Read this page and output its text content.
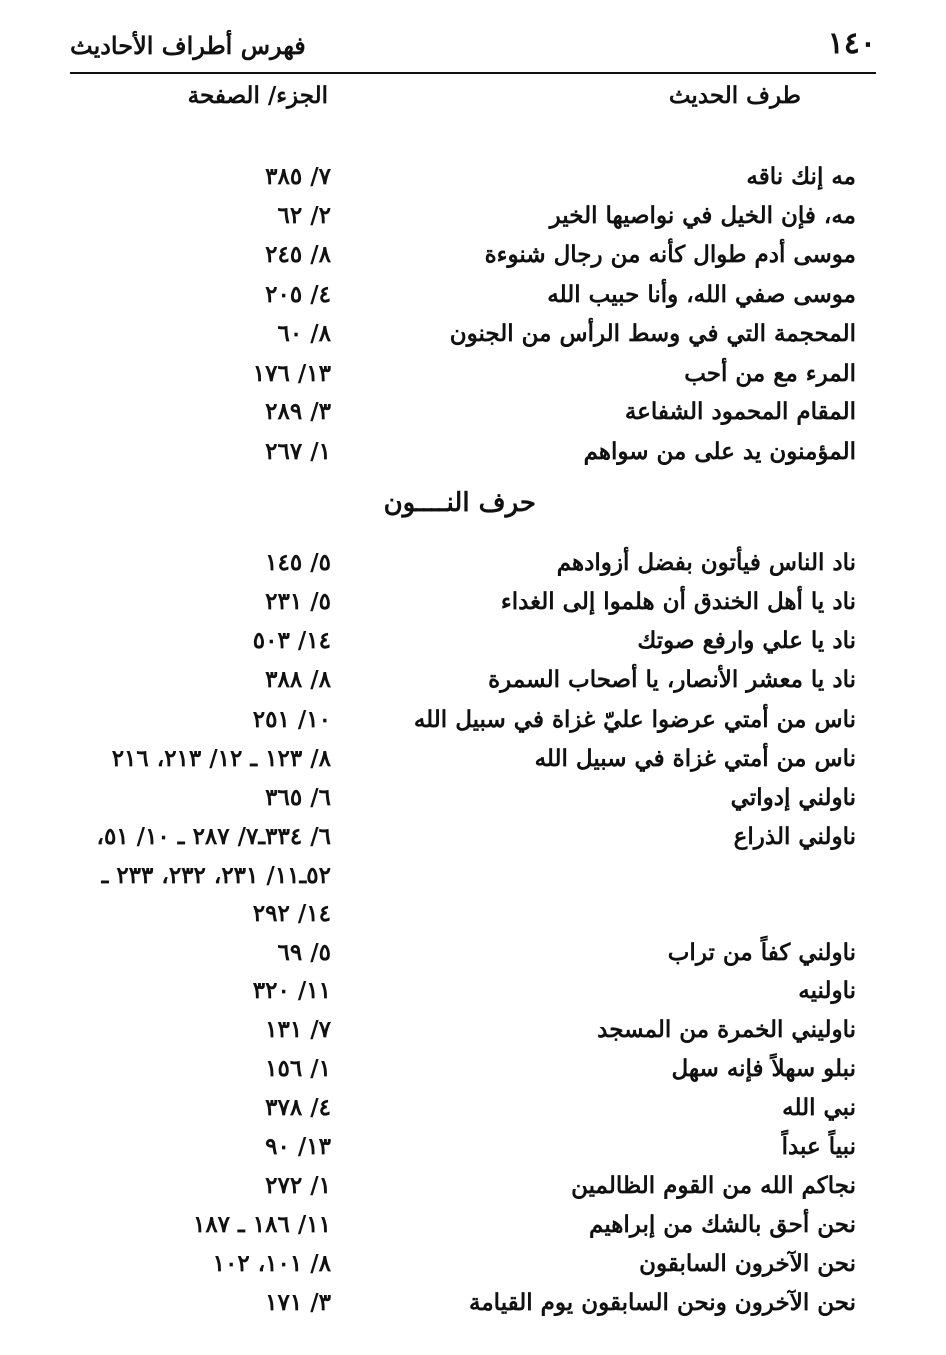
١٤٠
فهرس أطراف الأحاديث
طرف الحديث
الجزء/ الصفحة
حرف النــــون
مه إنك ناقه
٧/ ٣٨٥
مه، فإن الخيل في نواصيها الخير
٢/ ٦٢
موسى أدم طوال كأنه من رجال شنوءة
٨/ ٢٤٥
موسى صفي الله، وأنا حبيب الله
٤/ ٢٠٥
المحجمة التي في وسط الرأس من الجنون
٨/ ٦٠
المرء مع من أحب
١٣/ ١٧٦
المقام المحمود الشفاعة
٣/ ٢٨٩
المؤمنون يد على من سواهم
١/ ٢٦٧
ناد الناس فيأتون بفضل أزوادهم
٥/ ١٤٥
ناد يا أهل الخندق أن هلموا إلى الغداء
٥/ ٢٣١
ناد يا علي وارفع صوتك
١٤/ ٥٠٣
ناد يا معشر الأنصار، يا أصحاب السمرة
٨/ ٣٨٨
ناس من أمتي عرضوا عليّ غزاة في سبيل الله
١٠/ ٢٥١
ناس من أمتي غزاة في سبيل الله
٨/ ١٢٣ ـ ١٢/ ٢١٣، ٢١٦
ناولني إدواتي
٦/ ٣٦٥
ناولني الذراع
٦/ ٣٣٤ـ٧/ ٢٨٧ ـ ١٠/ ٥١،
٥٢ـ١١/ ٢٣١، ٢٣٢، ٢٣٣ ـ
١٤/ ٢٩٢
ناولني كفاً من تراب
٥/ ٦٩
ناولنيه
١١/ ٣٢٠
ناوليني الخمرة من المسجد
٧/ ١٣١
نبلو سهلاً فإنه سهل
١/ ١٥٦
نبي الله
٤/ ٣٧٨
نبياً عبداً
١٣/ ٩٠
نجاكم الله من القوم الظالمين
١/ ٢٧٢
نحن أحق بالشك من إبراهيم
١١/ ١٨٦ ـ ١٨٧
نحن الآخرون السابقون
٨/ ١٠١، ١٠٢
نحن الآخرون ونحن السابقون يوم القيامة
٣/ ١٧١
